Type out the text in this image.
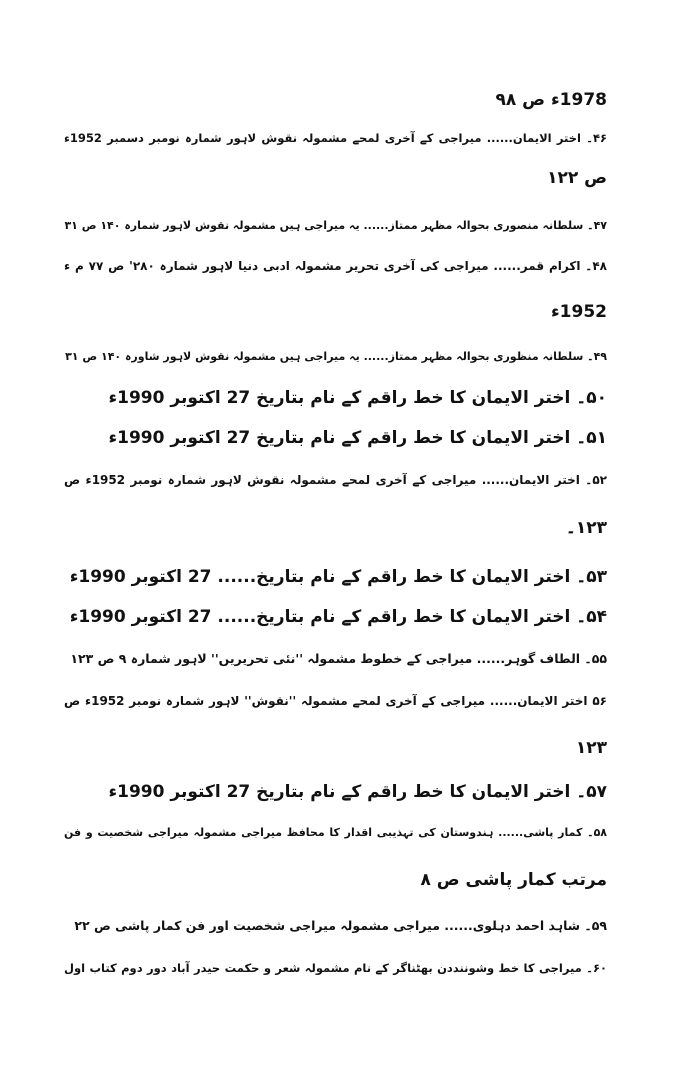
1978ء ص ۹۸
۴۶۔ اختر الایمان...... میراجی کے آخری لمحے مشمولہ نقوش لاہور شمارہ نومبر دسمبر 1952ء
ص ۱۲۲
۴۷۔ سلطانہ منصوری بحوالہ مظہر ممتاز...... یہ میراجی ہیں مشمولہ نقوش لاہور شمارہ ۱۴۰ ص ۳۱
۴۸۔ اکرام قمر...... میراجی کی آخری تحریر مشمولہ ادبی دنیا لاہور شمارہ ۲۸۰' ص ۷۷ م ء
1952ء
۴۹۔ سلطانہ منظوری بحوالہ مظہر ممتاز...... یہ میراجی ہیں مشمولہ نقوش لاہور شاورہ ۱۴۰ ص ۳۱
۵۰۔ اختر الایمان کا خط راقم کے نام بتاریخ 27 اکتوبر 1990ء
۵۱۔ اختر الایمان کا خط راقم کے نام بتاریخ 27 اکتوبر 1990ء
۵۲۔ اختر الایمان...... میراجی کے آخری لمحے مشمولہ نقوش لاہور شمارہ نومبر 1952ء ص
۱۲۳۔
۵۳۔ اختر الایمان کا خط راقم کے نام بتاریخ...... 27 اکتوبر 1990ء
۵۴۔ اختر الایمان کا خط راقم کے نام بتاریخ...... 27 اکتوبر 1990ء
۵۵۔ الطاف گوہر...... میراجی کے خطوط مشمولہ ''نئی تحریریں'' لاہور شمارہ ۹ ص ۱۲۳
۵۶ اختر الایمان...... میراجی کے آخری لمحے مشمولہ ''نقوش'' لاہور شمارہ نومبر 1952ء ص
۱۲۳
۵۷۔ اختر الایمان کا خط راقم کے نام بتاریخ 27 اکتوبر 1990ء
۵۸۔ کمار پاشی...... ہندوستان کی تہذیبی اقدار کا محافظ میراجی مشمولہ میراجی شخصیت و فن
مرتب کمار پاشی ص ۸
۵۹۔ شاہد احمد دہلوی...... میراجی مشمولہ میراجی شخصیت اور فن کمار پاشی ص ۲۲
۶۰۔ میراجی کا خط وشوننددن بھٹناگر کے نام مشمولہ شعر و حکمت حیدر آباد دور دوم کتاب اول
